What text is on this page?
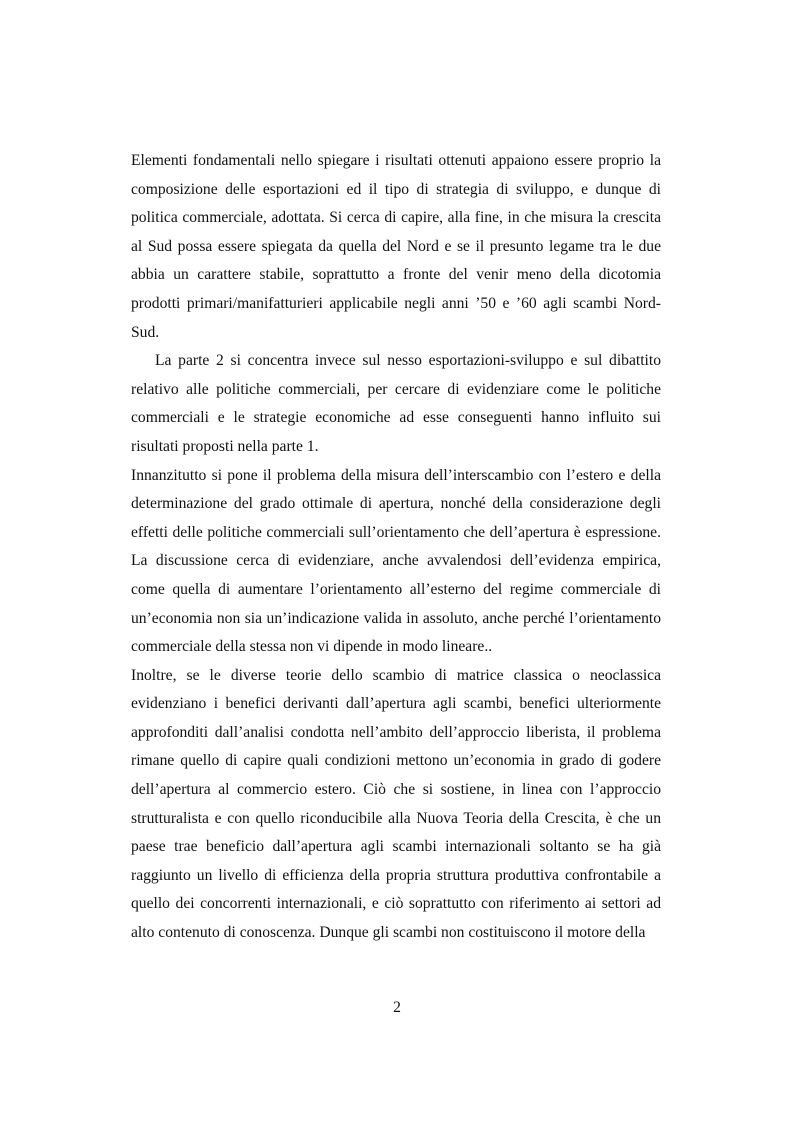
Elementi fondamentali nello spiegare i risultati ottenuti appaiono essere proprio la composizione delle esportazioni ed il tipo di strategia di sviluppo, e dunque di politica commerciale, adottata. Si cerca di capire, alla fine, in che misura la crescita al Sud possa essere spiegata da quella del Nord e se il presunto legame tra le due abbia un carattere stabile, soprattutto a fronte del venir meno della dicotomia prodotti primari/manifatturieri applicabile negli anni ’50 e ’60 agli scambi Nord-Sud.

La parte 2 si concentra invece sul nesso esportazioni-sviluppo e sul dibattito relativo alle politiche commerciali, per cercare di evidenziare come le politiche commerciali e le strategie economiche ad esse conseguenti hanno influito sui risultati proposti nella parte 1.

Innanzitutto si pone il problema della misura dell’interscambio con l’estero e della determinazione del grado ottimale di apertura, nonché della considerazione degli effetti delle politiche commerciali sull’orientamento che dell’apertura è espressione. La discussione cerca di evidenziare, anche avvalendosi dell’evidenza empirica, come quella di aumentare l’orientamento all’esterno del regime commerciale di un’economia non sia un’indicazione valida in assoluto, anche perché l’orientamento commerciale della stessa non vi dipende in modo lineare..

Inoltre, se le diverse teorie dello scambio di matrice classica o neoclassica evidenziano i benefici derivanti dall’apertura agli scambi, benefici ulteriormente approfonditi dall’analisi condotta nell’ambito dell’approccio liberista, il problema rimane quello di capire quali condizioni mettono un’economia in grado di godere dell’apertura al commercio estero. Ciò che si sostiene, in linea con l’approccio strutturalista e con quello riconducibile alla Nuova Teoria della Crescita, è che un paese trae beneficio dall’apertura agli scambi internazionali soltanto se ha già raggiunto un livello di efficienza della propria struttura produttiva confrontabile a quello dei concorrenti internazionali, e ciò soprattutto con riferimento ai settori ad alto contenuto di conoscenza. Dunque gli scambi non costituiscono il motore della

2
